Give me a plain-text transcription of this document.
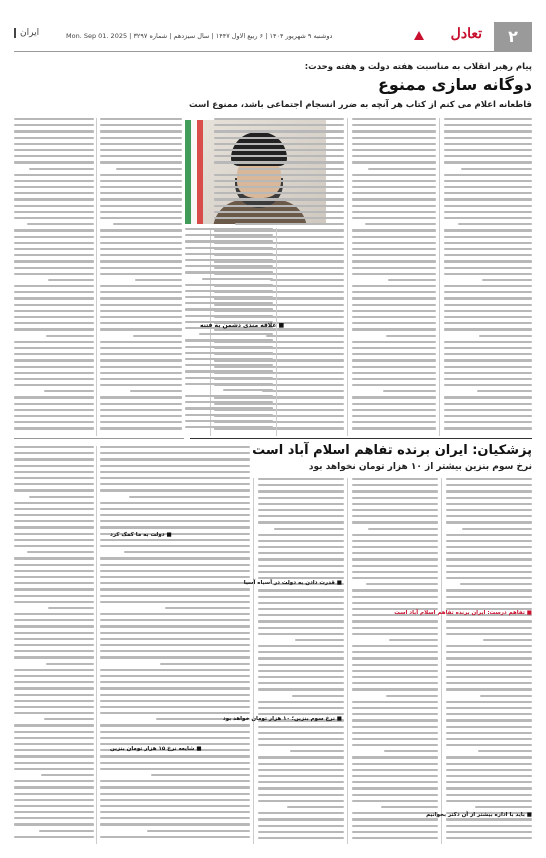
۲
تعادل
دوشنبه ۹ شهریور ۱۴۰۴ | ۶ ربیع الاول ۱۴۴۷ | سال سیزدهم | شماره ۳۲۹۷ | Mon. Sep 01. 2025
ایران
پیام رهبر انقلاب به مناسبت هفته دولت و هفته وحدت:
دوگانه سازی ممنوع
قاطعانه اعلام می کنم از کتاب هر آنچه به ضرر انسجام اجتماعی باشد، ممنوع است
■ علاقه مندی دشمن به فتنه
پزشکیان: ایران برنده تفاهم اسلام آباد است
نرخ سوم بنزین بیشتر از ۱۰ هزار تومان نخواهد بود
■ تفاهم درست: ایران برنده تفاهم اسلام آباد است
■ قدرت دادن به دولت در آسیاه آسیا
■ نرخ سوم بنزین؛ ۱۰ هزار تومان خواهد بود
■ دولت به ما کمک کرد
■ شایعه نرخ ۱۵ هزار تومان بنزین
■ باید با اداره بیشتر از آن دکتر بخوانیم
